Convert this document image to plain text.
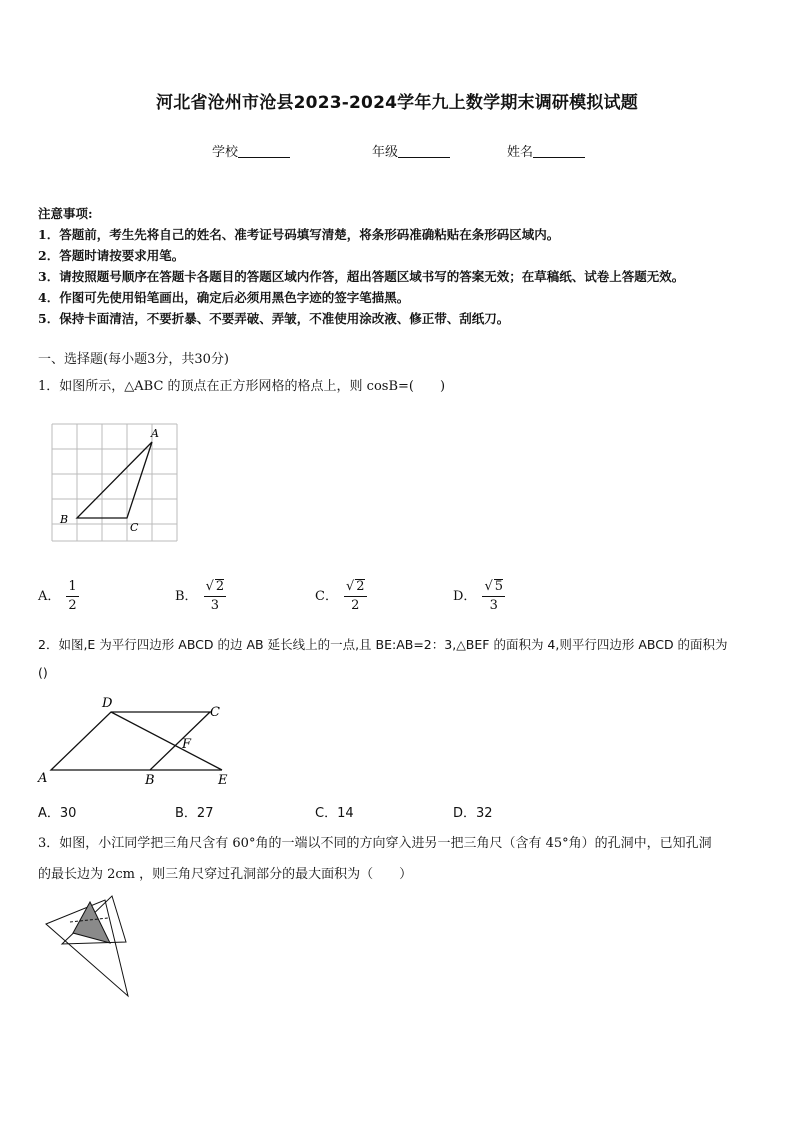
河北省沧州市沧县2023-2024学年九上数学期末调研模拟试题
学校	年级	姓名
注意事项:
1．答题前，考生先将自己的姓名、准考证号码填写清楚，将条形码准确粘贴在条形码区域内。
2．答题时请按要求用笔。
3．请按照题号顺序在答题卡各题目的答题区域内作答，超出答题区域书写的答案无效；在草稿纸、试卷上答题无效。
4．作图可先使用铅笔画出，确定后必须用黑色字迹的签字笔描黑。
5．保持卡面清洁，不要折暴、不要弄破、弄皱，不准使用涂改液、修正带、刮纸刀。
一、选择题(每小题3分，共30分)
1．如图所示，△ABC 的顶点在正方形网格的格点上，则 cosB=(　　)
A
B
C
A． $\frac{1}{2}$	B． $\frac{√ 2}{3}$	C． $\frac{√ 2}{2}$	D． $\frac{√ 5}{3}$
2．如图,E 为平行四边形 ABCD 的边 AB 延长线上的一点,且 BE:AB=2：3,△BEF 的面积为 4,则平行四边形 ABCD 的面积为
()
A
D
C
F
B	E
A．30	B．27	C．14	D．32
3．如图，小江同学把三角尺含有 60°角的一端以不同的方向穿入进另一把三角尺（含有 45°角）的孔洞中，已知孔洞
的最长边为 2cm ，则三角尺穿过孔洞部分的最大面积为（　　）
